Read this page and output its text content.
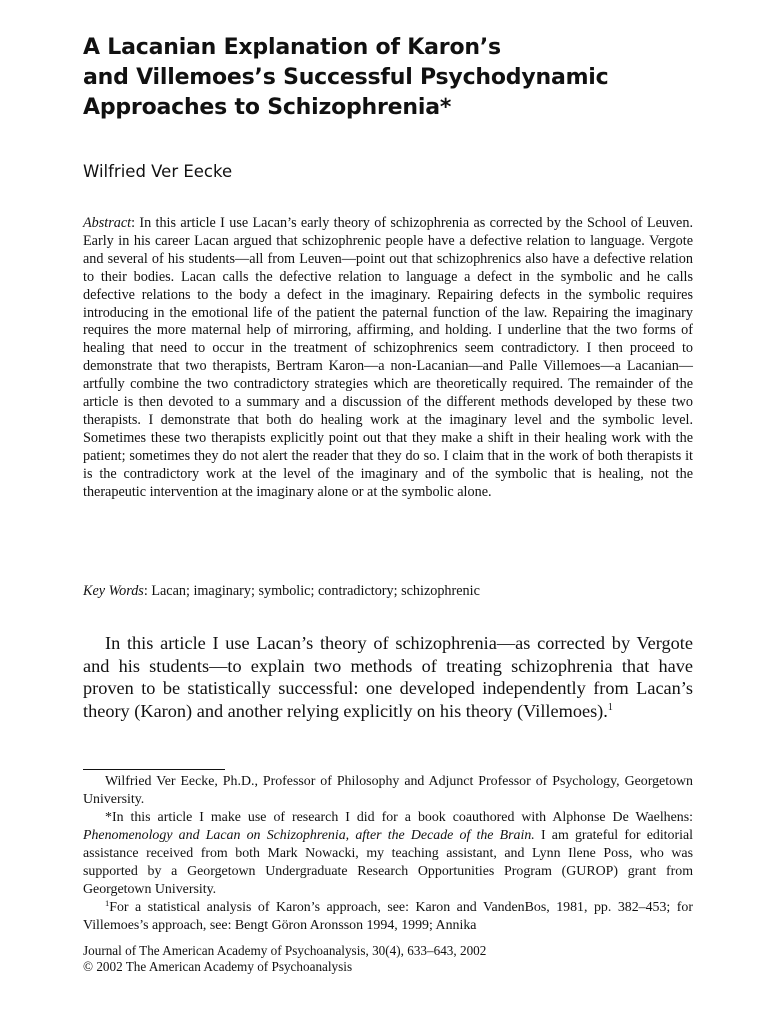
A Lacanian Explanation of Karon’s
and Villemoes’s Successful Psychodynamic
Approaches to Schizophrenia*

Wilfried Ver Eecke

Abstract: In this article I use Lacan’s early theory of schizophrenia as corrected by the School of Leuven. Early in his career Lacan argued that schizophrenic people have a defective relation to language. Vergote and several of his students—all from Leuven—point out that schizophrenics also have a defective relation to their bodies. Lacan calls the defective relation to language a defect in the symbolic and he calls defective relations to the body a defect in the imaginary. Repairing defects in the symbolic requires introducing in the emotional life of the patient the paternal function of the law. Repairing the imaginary requires the more maternal help of mirroring, affirming, and holding. I underline that the two forms of healing that need to occur in the treatment of schizophrenics seem contradictory. I then proceed to demonstrate that two therapists, Bertram Karon—a non-Lacanian—and Palle Villemoes—a Lacanian—artfully combine the two contradictory strategies which are theoretically required. The remainder of the article is then devoted to a summary and a discussion of the different methods developed by these two therapists. I demonstrate that both do healing work at the imaginary level and the symbolic level. Sometimes these two therapists explicitly point out that they make a shift in their healing work with the patient; sometimes they do not alert the reader that they do so. I claim that in the work of both therapists it is the contradictory work at the level of the imaginary and of the symbolic that is healing, not the therapeutic intervention at the imaginary alone or at the symbolic alone.

Key Words: Lacan; imaginary; symbolic; contradictory; schizophrenic

In this article I use Lacan’s theory of schizophrenia—as corrected by Vergote and his students—to explain two methods of treating schizophrenia that have proven to be statistically successful: one developed independently from Lacan’s theory (Karon) and another relying explicitly on his theory (Villemoes).$^1$

Wilfried Ver Eecke, Ph.D., Professor of Philosophy and Adjunct Professor of Psychology, Georgetown University.

*In this article I make use of research I did for a book coauthored with Alphonse De Waelhens: Phenomenology and Lacan on Schizophrenia, after the Decade of the Brain. I am grateful for editorial assistance received from both Mark Nowacki, my teaching assistant, and Lynn Ilene Poss, who was supported by a Georgetown Undergraduate Research Opportunities Program (GUROP) grant from Georgetown University.

$^1$For a statistical analysis of Karon’s approach, see: Karon and VandenBos, 1981, pp. 382–453; for Villemoes’s approach, see: Bengt Göron Aronsson 1994, 1999; Annika

Journal of The American Academy of Psychoanalysis, 30(4), 633–643, 2002
© 2002 The American Academy of Psychoanalysis
